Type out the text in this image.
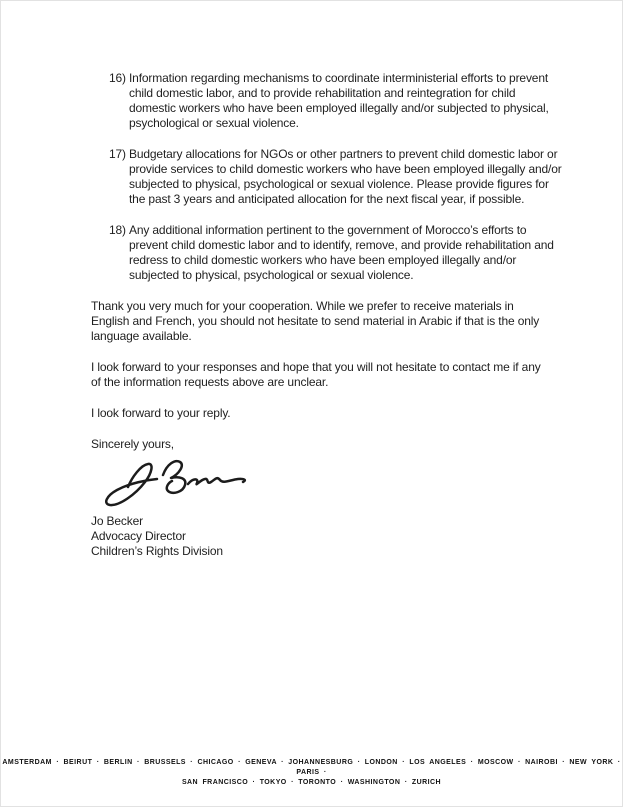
16) Information regarding mechanisms to coordinate interministerial efforts to prevent child domestic labor, and to provide rehabilitation and reintegration for child domestic workers who have been employed illegally and/or subjected to physical, psychological or sexual violence.
17) Budgetary allocations for NGOs or other partners to prevent child domestic labor or provide services to child domestic workers who have been employed illegally and/or subjected to physical, psychological or sexual violence. Please provide figures for the past 3 years and anticipated allocation for the next fiscal year, if possible.
18) Any additional information pertinent to the government of Morocco’s efforts to prevent child domestic labor and to identify, remove, and provide rehabilitation and redress to child domestic workers who have been employed illegally and/or subjected to physical, psychological or sexual violence.

Thank you very much for your cooperation. While we prefer to receive materials in English and French, you should not hesitate to send material in Arabic if that is the only language available.

I look forward to your responses and hope that you will not hesitate to contact me if any of the information requests above are unclear.

I look forward to your reply.

Sincerely yours,

Jo Becker
Advocacy Director
Children’s Rights Division
AMSTERDAM · BEIRUT · BERLIN · BRUSSELS · CHICAGO · GENEVA · JOHANNESBURG · LONDON · LOS ANGELES · MOSCOW · NAIROBI · NEW YORK · PARIS ·
SAN FRANCISCO · TOKYO · TORONTO · WASHINGTON · ZURICH
